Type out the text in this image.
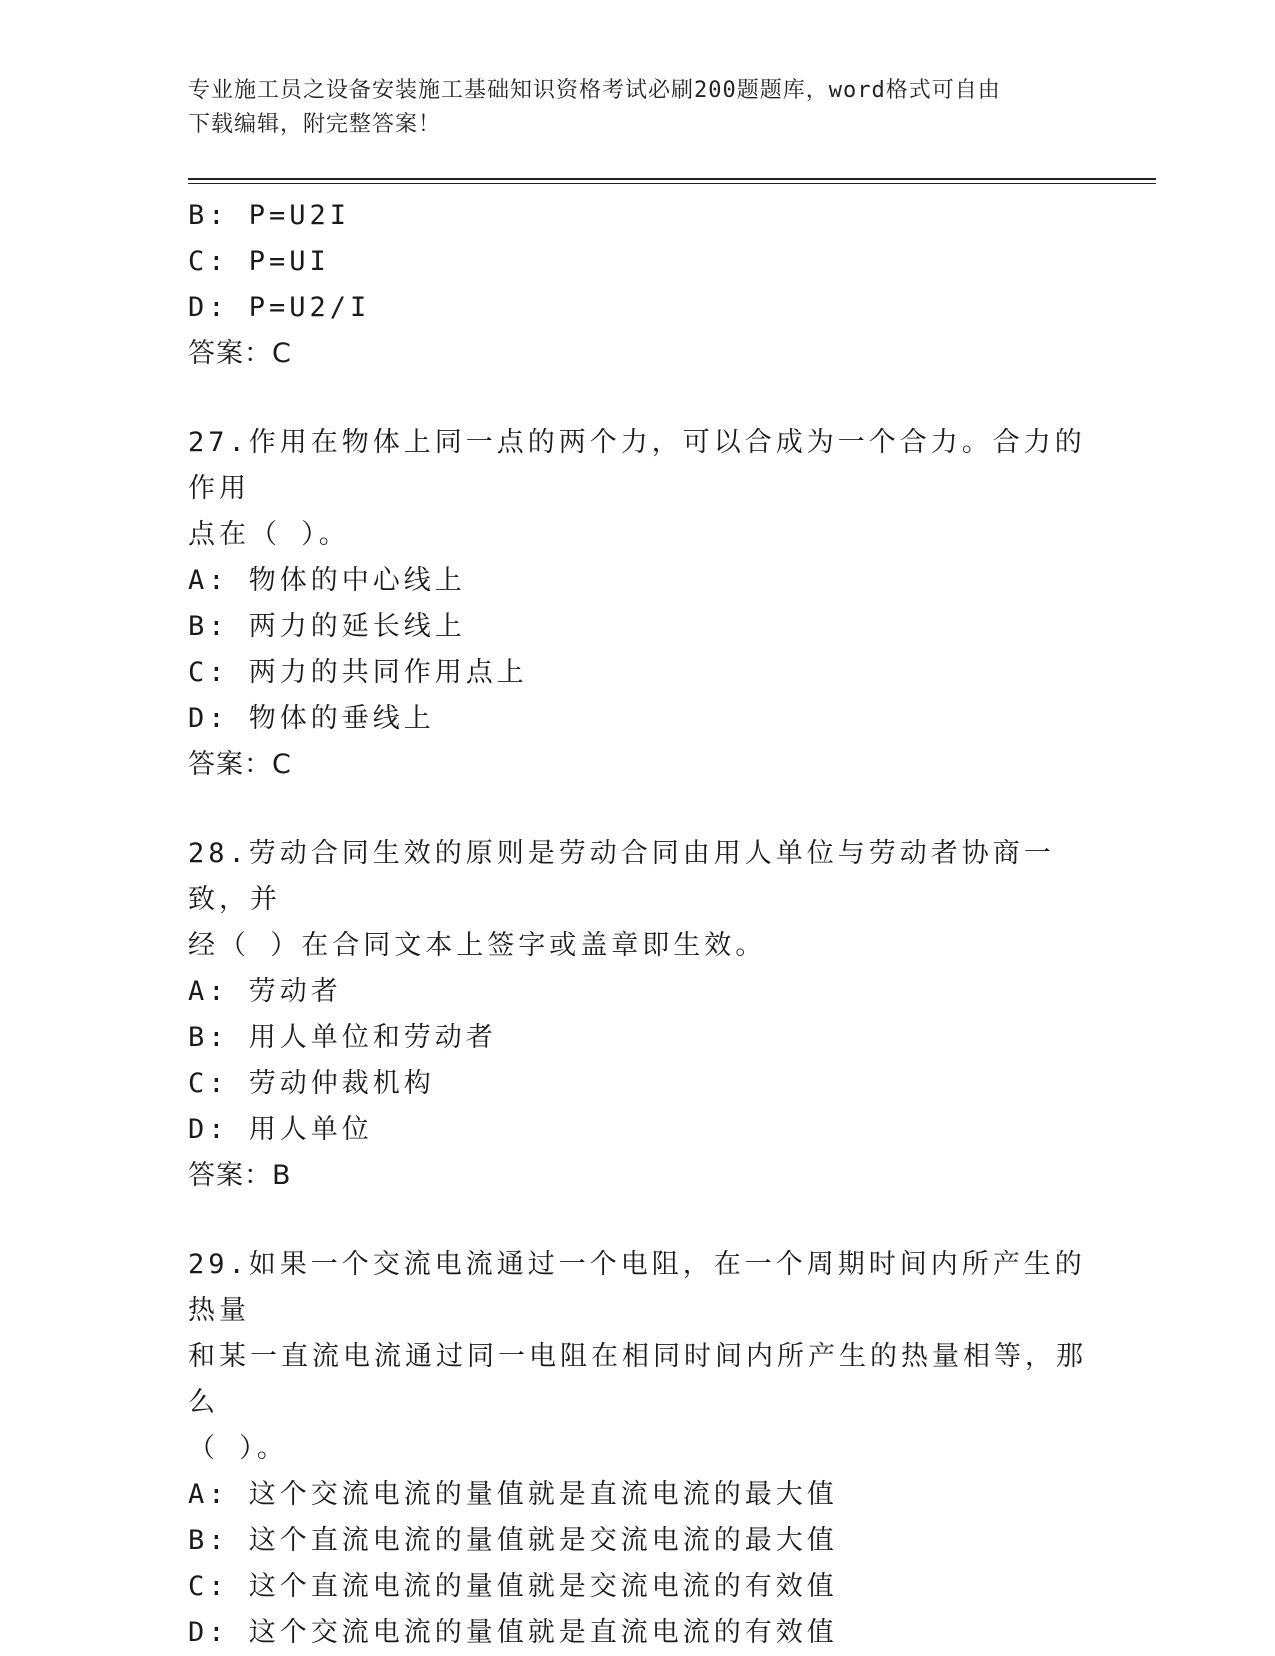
专业施工员之设备安装施工基础知识资格考试必刷200题题库，word格式可自由
下载编辑，附完整答案！
B: P=U2I
C: P=UI
D: P=U2/I
答案：C
27.作用在物体上同一点的两个力，可以合成为一个合力。合力的作用
点在（ ）。
A: 物体的中心线上
B: 两力的延长线上
C: 两力的共同作用点上
D: 物体的垂线上
答案：C
28.劳动合同生效的原则是劳动合同由用人单位与劳动者协商一致，并
经（ ）在合同文本上签字或盖章即生效。
A: 劳动者
B: 用人单位和劳动者
C: 劳动仲裁机构
D: 用人单位
答案：B
29.如果一个交流电流通过一个电阻，在一个周期时间内所产生的热量
和某一直流电流通过同一电阻在相同时间内所产生的热量相等，那么
（ ）。
A: 这个交流电流的量值就是直流电流的最大值
B: 这个直流电流的量值就是交流电流的最大值
C: 这个直流电流的量值就是交流电流的有效值
D: 这个交流电流的量值就是直流电流的有效值
